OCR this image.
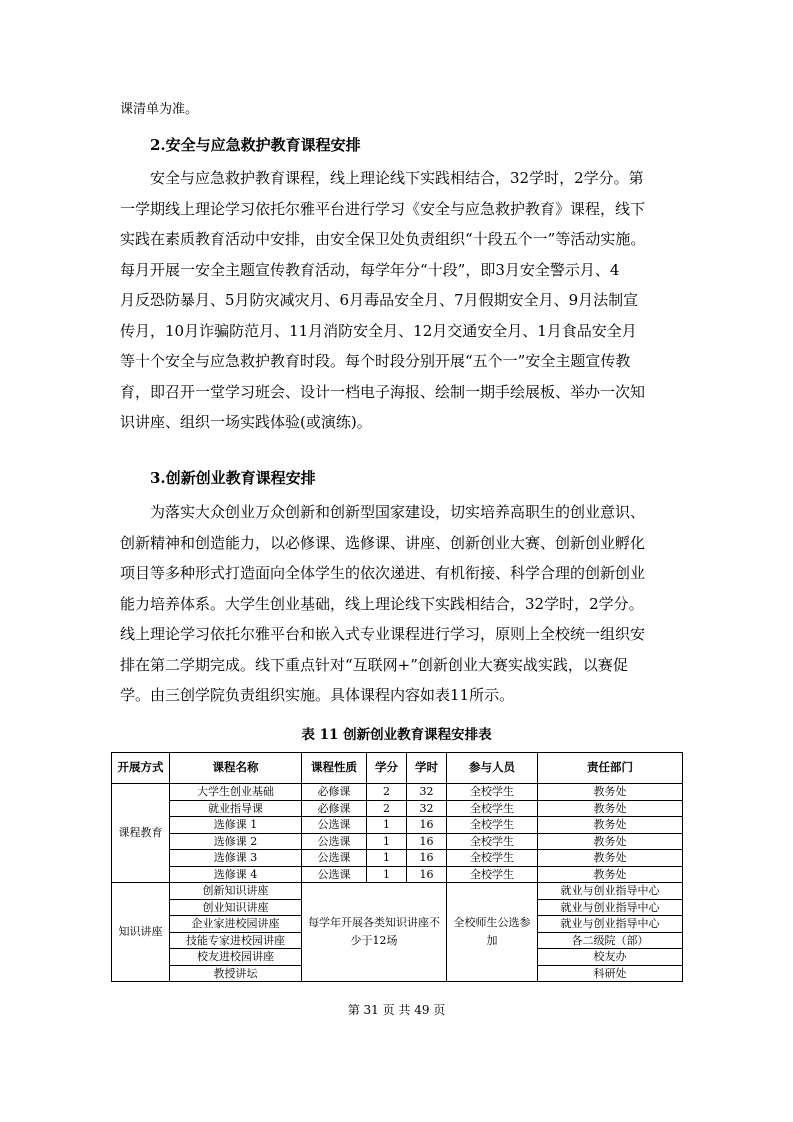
课清单为准。
2.安全与应急救护教育课程安排

安全与应急救护教育课程，线上理论线下实践相结合，32学时，2学分。第

一学期线上理论学习依托尔雅平台进行学习《安全与应急救护教育》课程，线下

实践在素质教育活动中安排，由安全保卫处负责组织“十段五个一”等活动实施。

每月开展一安全主题宣传教育活动，每学年分“十段”，即3月安全警示月、4

月反恐防暴月、5月防灾减灾月、6月毒品安全月、7月假期安全月、9月法制宣

传月，10月诈骗防范月、11月消防安全月、12月交通安全月、1月食品安全月

等十个安全与应急救护教育时段。每个时段分别开展“五个一”安全主题宣传教

育，即召开一堂学习班会、设计一档电子海报、绘制一期手绘展板、举办一次知

识讲座、组织一场实践体验(或演练)。

3.创新创业教育课程安排

为落实大众创业万众创新和创新型国家建设，切实培养高职生的创业意识、

创新精神和创造能力，以必修课、选修课、讲座、创新创业大赛、创新创业孵化

项目等多种形式打造面向全体学生的依次递进、有机衔接、科学合理的创新创业

能力培养体系。大学生创业基础，线上理论线下实践相结合，32学时，2学分。

线上理论学习依托尔雅平台和嵌入式专业课程进行学习，原则上全校统一组织安

排在第二学期完成。线下重点针对“互联网+”创新创业大赛实战实践，以赛促

学。由三创学院负责组织实施。具体课程内容如表11所示。

表 11 创新创业教育课程安排表
开展方式	课程名称	课程性质	学分	学时	参与人员	责任部门
课程教育	大学生创业基础	必修课	2	32	全校学生	教务处
	就业指导课	必修课	2	32	全校学生	教务处
	选修课 1	公选课	1	16	全校学生	教务处
	选修课 2	公选课	1	16	全校学生	教务处
	选修课 3	公选课	1	16	全校学生	教务处
	选修课 4	公选课	1	16	全校学生	教务处
知识讲座	创新知识讲座	每学年开展各类知识讲座不少于12场			全校师生公选参加	就业与创业指导中心
	创业知识讲座					就业与创业指导中心
	企业家进校园讲座					就业与创业指导中心
	技能专家进校园讲座					各二级院（部）
	校友进校园讲座					校友办
	教授讲坛					科研处
第 31 页 共 49 页
